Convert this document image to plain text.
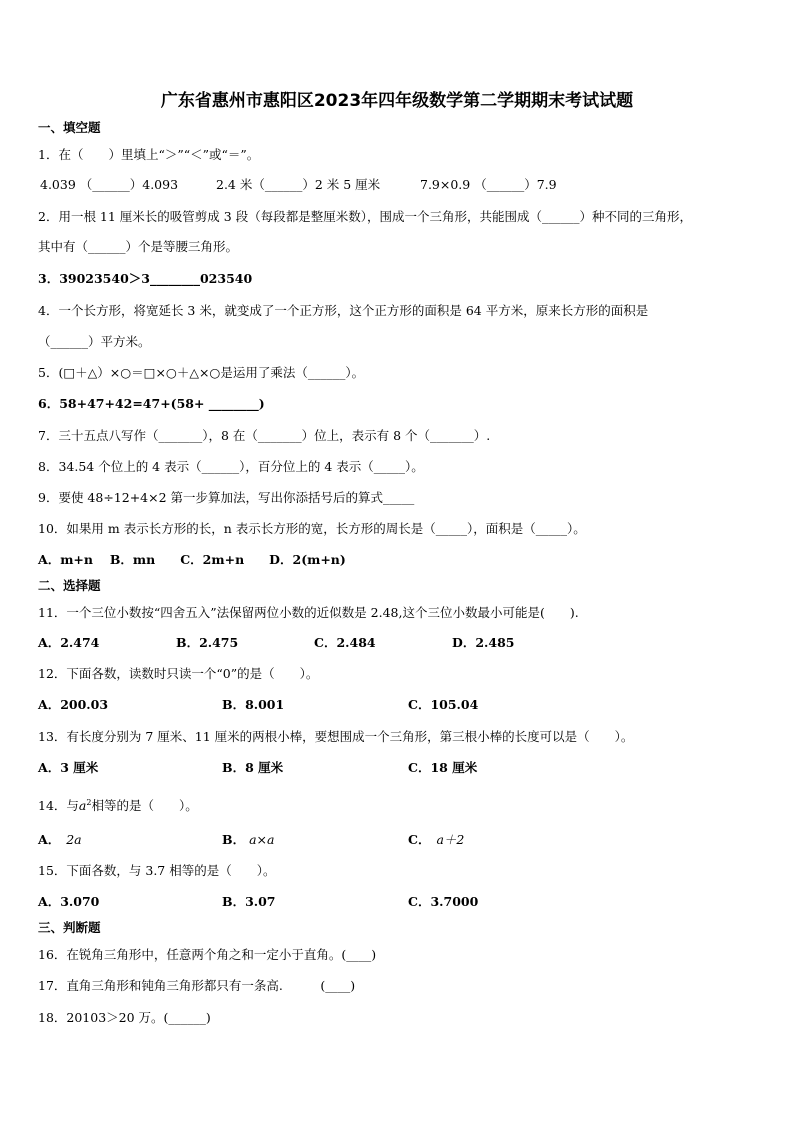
广东省惠州市惠阳区2023年四年级数学第二学期期末考试试题
一、填空题
1．在（　　）里填上“＞”“＜”或“＝”。
4.039 （______）4.093	2.4 米（______）2 米 5 厘米	7.9×0.9 （______）7.9
2．用一根 11 厘米长的吸管剪成 3 段（每段都是整厘米数），围成一个三角形，共能围成（______）种不同的三角形，
其中有（______）个是等腰三角形。
3．39023540＞3________023540
4．一个长方形，将宽延长 3 米，就变成了一个正方形，这个正方形的面积是 64 平方米，原来长方形的面积是
（______）平方米。
5．(□＋△）×○＝□×○＋△×○是运用了乘法（______）。
6．58+47+42=47+(58+ ________)
7．三十五点八写作（_______），8 在（_______）位上，表示有 8 个（_______）.
8．34.54 个位上的 4 表示（______），百分位上的 4 表示（_____）。
9．要使 48÷12+4×2 第一步算加法，写出你添括号后的算式_____
10．如果用 m 表示长方形的长，n 表示长方形的宽，长方形的周长是（_____），面积是（_____）。
A．m+n　 B．mn　　C．2m+n　　D．2(m+n)
二、选择题
11．一个三位小数按“四舍五入”法保留两位小数的近似数是 2.48,这个三位小数最小可能是(　　).
A．2.474	B．2.475	C．2.484	D．2.485
12．下面各数，读数时只读一个“0”的是（　　）。
A．200.03	B．8.001	C．105.04
13．有长度分别为 7 厘米、11 厘米的两根小棒，要想围成一个三角形，第三根小棒的长度可以是（　　）。
A．3 厘米	B．8 厘米	C．18 厘米
14．与$a^2$相等的是（　　）。
A． 2a	B． a×a	C． a＋2
15．下面各数，与 3.7 相等的是（　　）。
A．3.070	B．3.07	C．3.7000
三、判断题
16．在锐角三角形中，任意两个角之和一定小于直角。(____)
17．直角三角形和钝角三角形都只有一条高.　　　(____)
18．20103＞20 万。(______)
